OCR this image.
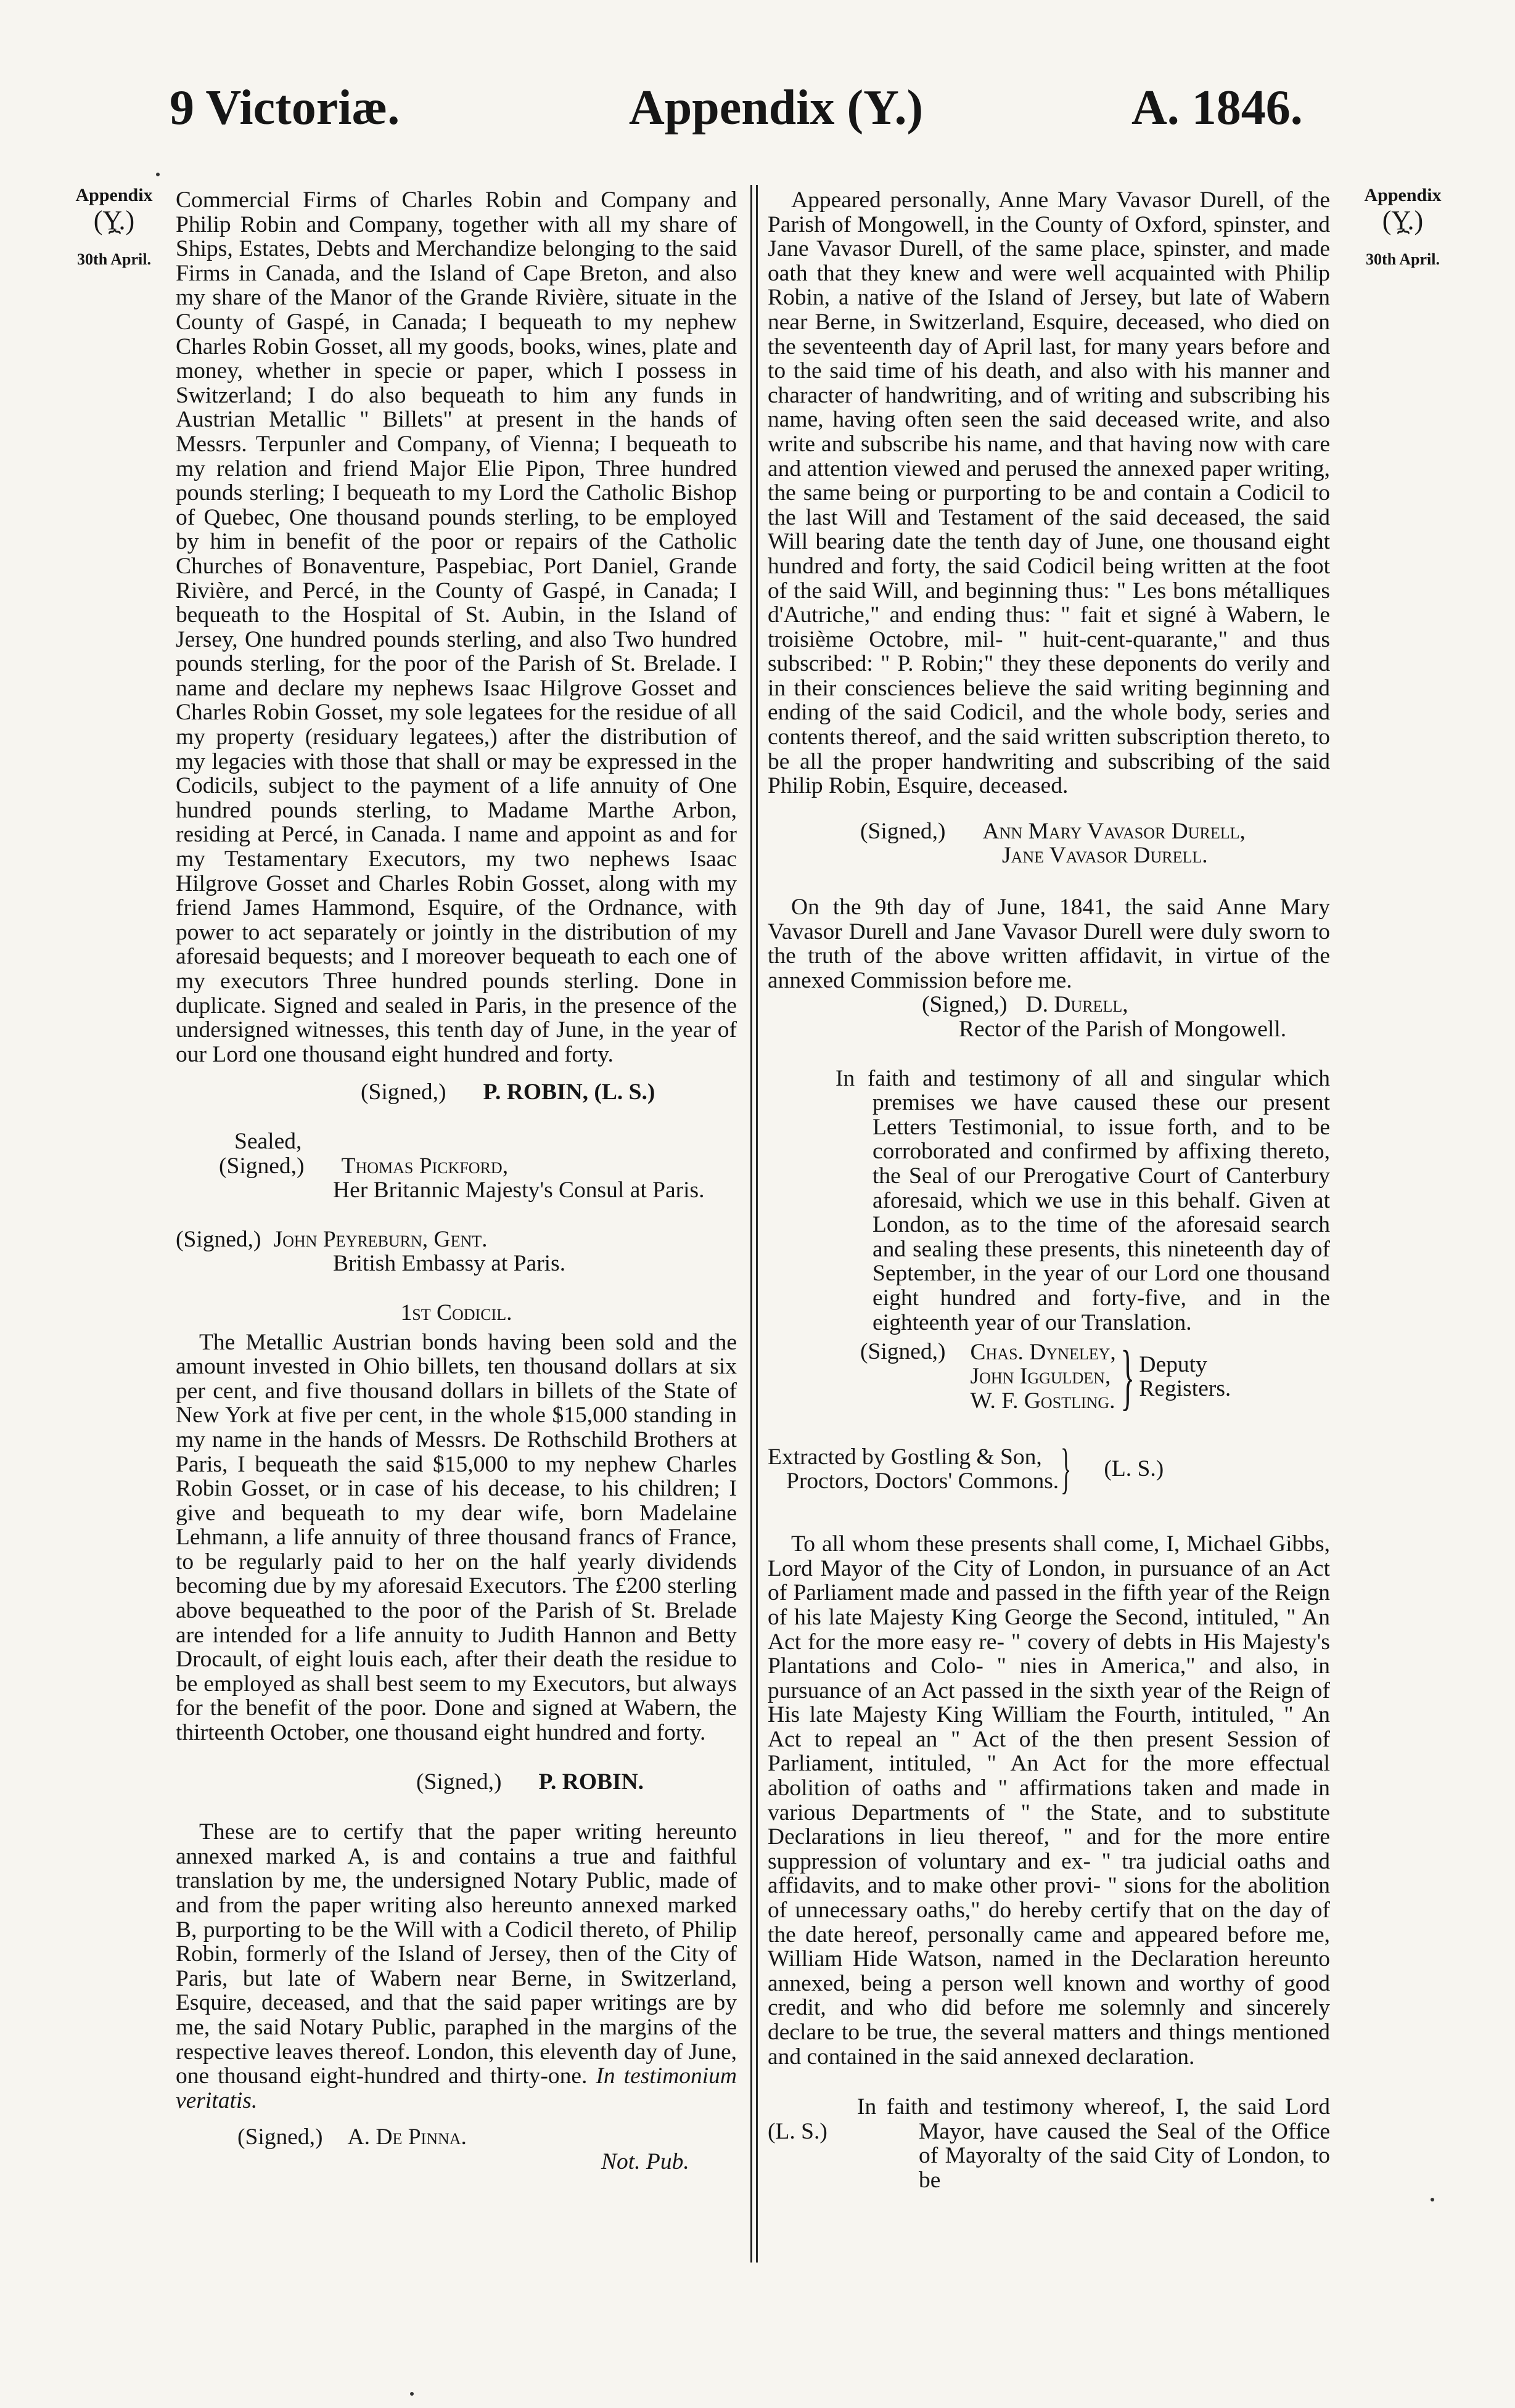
9 Victoriæ.	Appendix (Y.)	A. 1846.
Appendix
(Y.)
⏞
30th April.
Appendix
(Y.)
⏞
30th April.

Commercial Firms of Charles Robin and Company and Philip Robin and Company, together with all my share of Ships, Estates, Debts and Merchandize belonging to the said Firms in Canada, and the Island of Cape Breton, and also my share of the Manor of the Grande Rivière, situate in the County of Gaspé, in Canada; I bequeath to my nephew Charles Robin Gosset, all my goods, books, wines, plate and money, whether in specie or paper, which I possess in Switzerland; I do also bequeath to him any funds in Austrian Metallic " Billets" at present in the hands of Messrs. Terpunler and Company, of Vienna; I bequeath to my relation and friend Major Elie Pipon, Three hundred pounds sterling; I bequeath to my Lord the Catholic Bishop of Quebec, One thousand pounds sterling, to be employed by him in benefit of the poor or repairs of the Catholic Churches of Bonaventure, Paspebiac, Port Daniel, Grande Rivière, and Percé, in the County of Gaspé, in Canada; I bequeath to the Hospital of St. Aubin, in the Island of Jersey, One hundred pounds sterling, and also Two hundred pounds sterling, for the poor of the Parish of St. Brelade. I name and declare my nephews Isaac Hilgrove Gosset and Charles Robin Gosset, my sole legatees for the residue of all my property (residuary legatees,) after the distribution of my legacies with those that shall or may be expressed in the Codicils, subject to the payment of a life annuity of One hundred pounds sterling, to Madame Marthe Arbon, residing at Percé, in Canada. I name and appoint as and for my Testamentary Executors, my two nephews Isaac Hilgrove Gosset and Charles Robin Gosset, along with my friend James Hammond, Esquire, of the Ordnance, with power to act separately or jointly in the distribution of my aforesaid bequests; and I moreover bequeath to each one of my executors Three hundred pounds sterling. Done in duplicate. Signed and sealed in Paris, in the presence of the undersigned witnesses, this tenth day of June, in the year of our Lord one thousand eight hundred and forty.

(Signed,) P. ROBIN, (L. S.)
Sealed,
(Signed,) Thomas Pickford,
Her Britannic Majesty's Consul at Paris.
(Signed,) John Peyreburn, Gent.
British Embassy at Paris.
1st Codicil.

The Metallic Austrian bonds having been sold and the amount invested in Ohio billets, ten thousand dollars at six per cent, and five thousand dollars in billets of the State of New York at five per cent, in the whole $15,000 standing in my name in the hands of Messrs. De Rothschild Brothers at Paris, I bequeath the said $15,000 to my nephew Charles Robin Gosset, or in case of his decease, to his children; I give and bequeath to my dear wife, born Madelaine Lehmann, a life annuity of three thousand francs of France, to be regularly paid to her on the half yearly dividends becoming due by my aforesaid Executors. The £200 sterling above bequeathed to the poor of the Parish of St. Brelade are intended for a life annuity to Judith Hannon and Betty Drocault, of eight louis each, after their death the residue to be employed as shall best seem to my Executors, but always for the benefit of the poor. Done and signed at Wabern, the thirteenth October, one thousand eight hundred and forty.

(Signed,) P. ROBIN.

These are to certify that the paper writing hereunto annexed marked A, is and contains a true and faithful translation by me, the undersigned Notary Public, made of and from the paper writing also hereunto annexed marked B, purporting to be the Will with a Codicil thereto, of Philip Robin, formerly of the Island of Jersey, then of the City of Paris, but late of Wabern near Berne, in Switzerland, Esquire, deceased, and that the said paper writings are by me, the said Notary Public, paraphed in the margins of the respective leaves thereof. London, this eleventh day of June, one thousand eight-hundred and thirty-one. In testimonium veritatis.

(Signed,) A. De Pinna.
Not. Pub.

Appeared personally, Anne Mary Vavasor Durell, of the Parish of Mongowell, in the County of Oxford, spinster, and Jane Vavasor Durell, of the same place, spinster, and made oath that they knew and were well acquainted with Philip Robin, a native of the Island of Jersey, but late of Wabern near Berne, in Switzerland, Esquire, deceased, who died on the seventeenth day of April last, for many years before and to the said time of his death, and also with his manner and character of handwriting, and of writing and subscribing his name, having often seen the said deceased write, and also write and subscribe his name, and that having now with care and attention viewed and perused the annexed paper writing, the same being or purporting to be and contain a Codicil to the last Will and Testament of the said deceased, the said Will bearing date the tenth day of June, one thousand eight hundred and forty, the said Codicil being written at the foot of the said Will, and beginning thus: " Les bons métalliques d'Autriche," and ending thus: " fait et signé à Wabern, le troisième Octobre, mil- " huit-cent-quarante," and thus subscribed: " P. Robin;" they these deponents do verily and in their consciences believe the said writing beginning and ending of the said Codicil, and the whole body, series and contents thereof, and the said written subscription thereto, to be all the proper handwriting and subscribing of the said Philip Robin, Esquire, deceased.

(Signed,) Ann Mary Vavasor Durell,
Jane Vavasor Durell.

On the 9th day of June, 1841, the said Anne Mary Vavasor Durell and Jane Vavasor Durell were duly sworn to the truth of the above written affidavit, in virtue of the annexed Commission before me.

(Signed,) D. Durell,
Rector of the Parish of Mongowell.

In faith and testimony of all and singular which premises we have caused these our present Letters Testimonial, to issue forth, and to be corroborated and confirmed by affixing thereto, the Seal of our Prerogative Court of Canterbury aforesaid, which we use in this behalf. Given at London, as to the time of the aforesaid search and sealing these presents, this nineteenth day of September, in the year of our Lord one thousand eight hundred and forty-five, and in the eighteenth year of our Translation.

(Signed,) Chas. Dyneley,
John Iggulden,
W. F. Gostling. } Deputy
Registers.
Extracted by Gostling & Son,
Proctors, Doctors' Commons. } (L. S.)

To all whom these presents shall come, I, Michael Gibbs, Lord Mayor of the City of London, in pursuance of an Act of Parliament made and passed in the fifth year of the Reign of his late Majesty King George the Second, intituled, " An Act for the more easy re- " covery of debts in His Majesty's Plantations and Colo- " nies in America," and also, in pursuance of an Act passed in the sixth year of the Reign of His late Majesty King William the Fourth, intituled, " An Act to repeal an " Act of the then present Session of Parliament, intituled, " An Act for the more effectual abolition of oaths and " affirmations taken and made in various Departments of " the State, and to substitute Declarations in lieu thereof, " and for the more entire suppression of voluntary and ex- " tra judicial oaths and affidavits, and to make other provi- " sions for the abolition of unnecessary oaths," do hereby certify that on the day of the date hereof, personally came and appeared before me, William Hide Watson, named in the Declaration hereunto annexed, being a person well known and worthy of good credit, and who did before me solemnly and sincerely declare to be true, the several matters and things mentioned and contained in the said annexed declaration.

(L. S.)

In faith and testimony whereof, I, the said Lord Mayor, have caused the Seal of the Office of Mayoralty of the said City of London, to be
